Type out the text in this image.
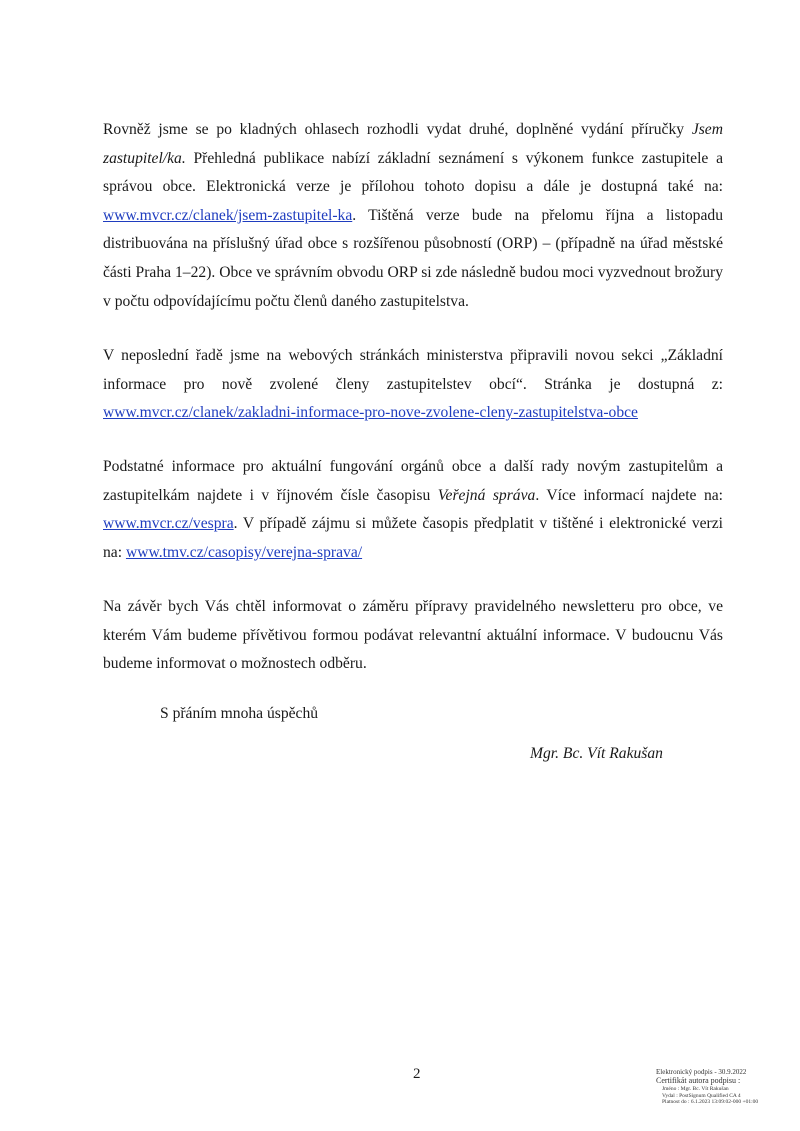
Rovněž jsme se po kladných ohlasech rozhodli vydat druhé, doplněné vydání příručky Jsem zastupitel/ka. Přehledná publikace nabízí základní seznámení s výkonem funkce zastupitele a správou obce. Elektronická verze je přílohou tohoto dopisu a dále je dostupná také na: www.mvcr.cz/clanek/jsem-zastupitel-ka. Tištěná verze bude na přelomu října a listopadu distribuována na příslušný úřad obce s rozšířenou působností (ORP) – (případně na úřad městské části Praha 1–22). Obce ve správním obvodu ORP si zde následně budou moci vyzvednout brožury v počtu odpovídajícímu počtu členů daného zastupitelstva.

V neposlední řadě jsme na webových stránkách ministerstva připravili novou sekci „Základní informace pro nově zvolené členy zastupitelstev obcí“. Stránka je dostupná z: www.mvcr.cz/clanek/zakladni-informace-pro-nove-zvolene-cleny-zastupitelstva-obce

Podstatné informace pro aktuální fungování orgánů obce a další rady novým zastupitelům a zastupitelkám najdete i v říjnovém čísle časopisu Veřejná správa. Více informací najdete na: www.mvcr.cz/vespra. V případě zájmu si můžete časopis předplatit v tištěné i elektronické verzi na: www.tmv.cz/casopisy/verejna-sprava/

Na závěr bych Vás chtěl informovat o záměru přípravy pravidelného newsletteru pro obce, ve kterém Vám budeme přívětivou formou podávat relevantní aktuální informace. V budoucnu Vás budeme informovat o možnostech odběru.

S přáním mnoha úspěchů

Mgr. Bc. Vít Rakušan

2	Elektronický podpis - 30.9.2022
Certifikát autora podpisu :
Jméno : Mgr. Bc. Vít Rakušan
Vydal : PostSignum Qualified CA 4
Platnost do : 6.1.2023 13:09:02-000 +01:00
